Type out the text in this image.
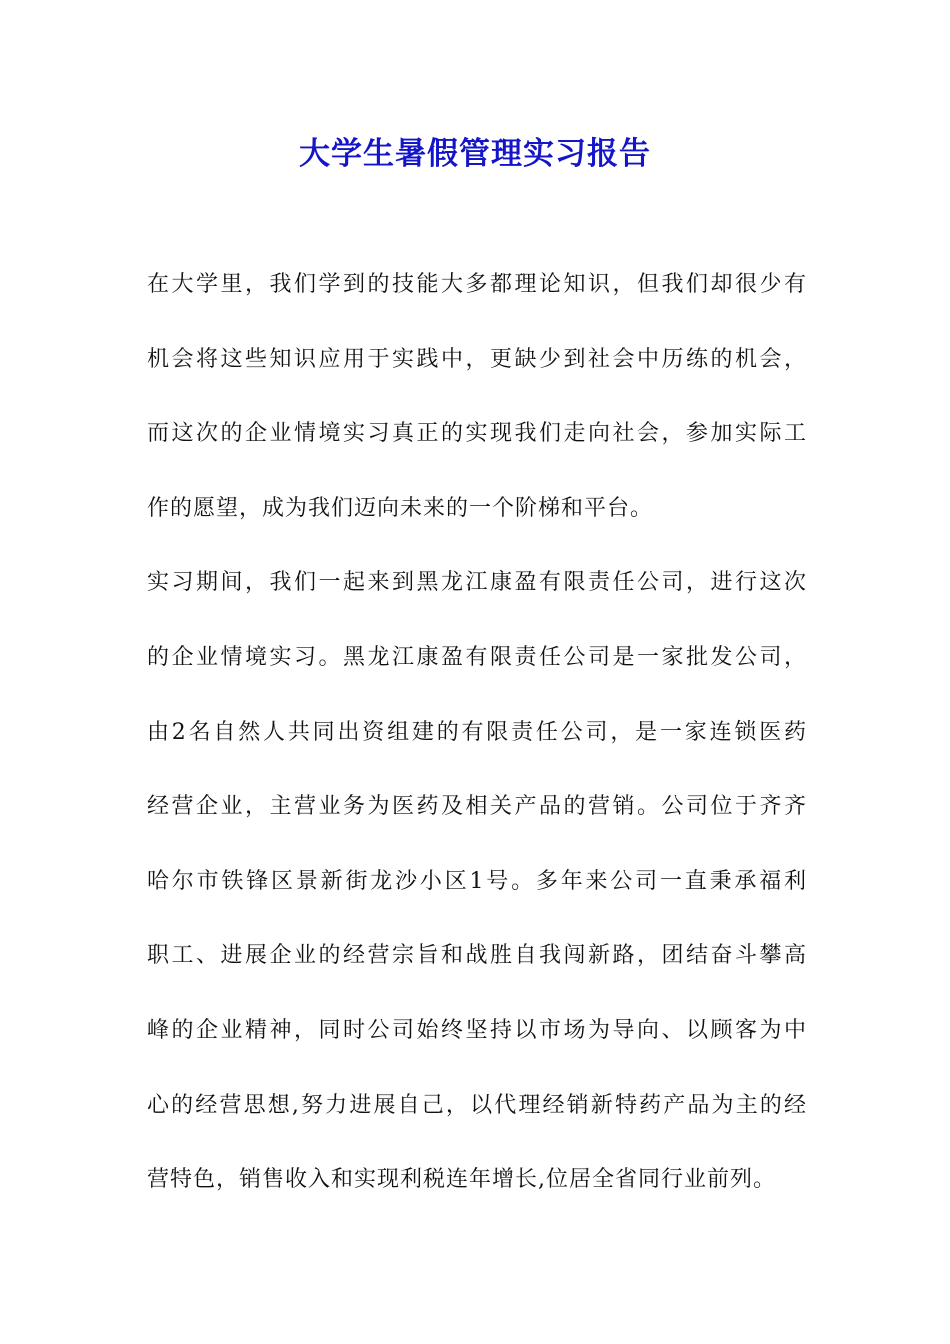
大学生暑假管理实习报告
在大学里，我们学到的技能大多都理论知识，但我们却很少有
机会将这些知识应用于实践中，更缺少到社会中历练的机会，
而这次的企业情境实习真正的实现我们走向社会，参加实际工
作的愿望，成为我们迈向未来的一个阶梯和平台。
实习期间，我们一起来到黑龙江康盈有限责任公司，进行这次
的企业情境实习。黑龙江康盈有限责任公司是一家批发公司，
由2名自然人共同出资组建的有限责任公司，是一家连锁医药
经营企业，主营业务为医药及相关产品的营销。公司位于齐齐
哈尔市铁锋区景新街龙沙小区1号。多年来公司一直秉承福利
职工、进展企业的经营宗旨和战胜自我闯新路，团结奋斗攀高
峰的企业精神，同时公司始终坚持以市场为导向、以顾客为中
心的经营思想,努力进展自己，以代理经销新特药产品为主的经
营特色，销售收入和实现利税连年增长,位居全省同行业前列。
